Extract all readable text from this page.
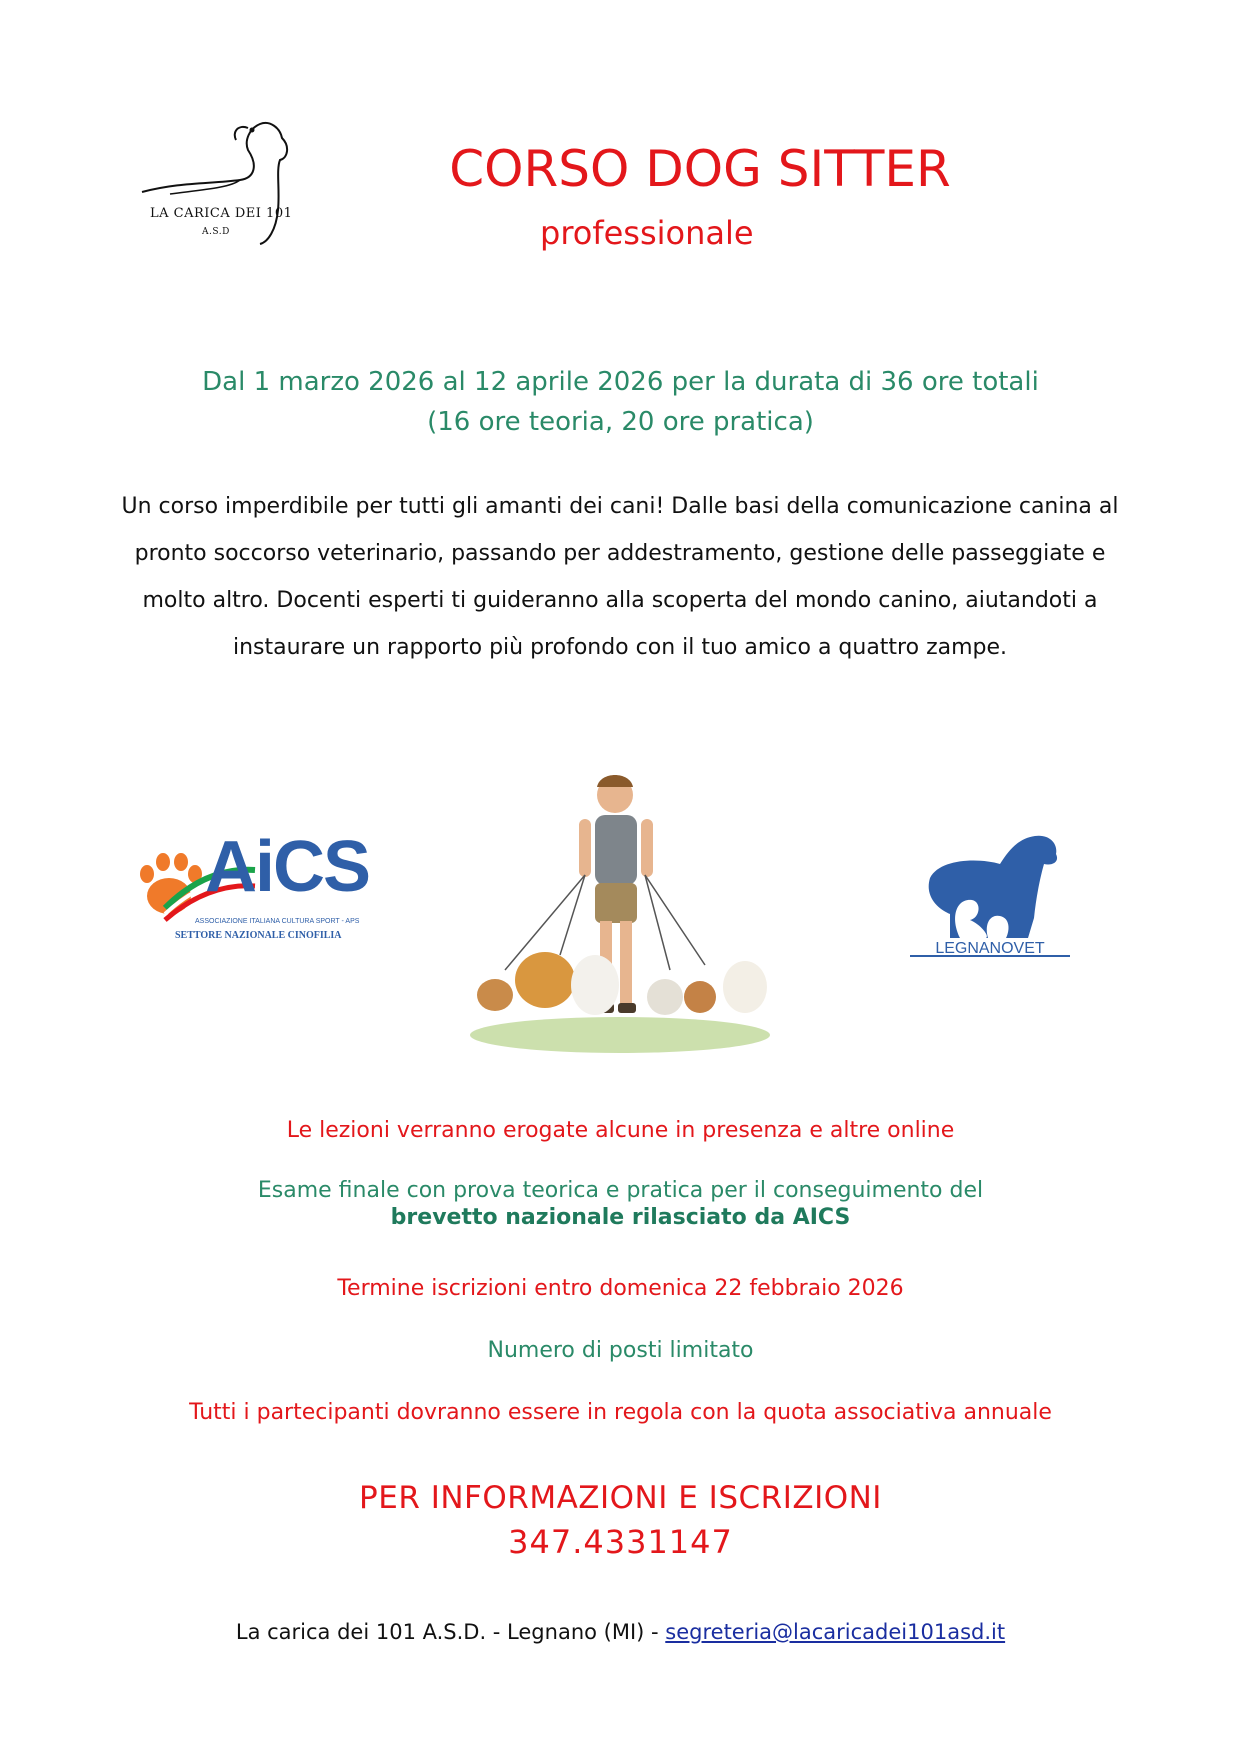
LA CARICA DEI 101
A.S.D
CORSO DOG SITTER
professionale
Dal 1 marzo 2026 al 12 aprile 2026 per la durata di 36 ore totali
(16 ore teoria, 20 ore pratica)
Un corso imperdibile per tutti gli amanti dei cani! Dalle basi della comunicazione canina al pronto soccorso veterinario, passando per addestramento, gestione delle passeggiate e molto altro. Docenti esperti ti guideranno alla scoperta del mondo canino, aiutandoti a instaurare un rapporto più profondo con il tuo amico a quattro zampe.
AiCS
ASSOCIAZIONE ITALIANA CULTURA SPORT - APS
SETTORE NAZIONALE CINOFILIA
LEGNANOVET
Le lezioni verranno erogate alcune in presenza e altre online
Esame finale con prova teorica e pratica per il conseguimento del
brevetto nazionale rilasciato da AICS
Termine iscrizioni entro domenica 22 febbraio 2026
Numero di posti limitato
Tutti i partecipanti dovranno essere in regola con la quota associativa annuale
PER INFORMAZIONI E ISCRIZIONI
347.4331147
La carica dei 101 A.S.D. - Legnano (MI) - segreteria@lacaricadei101asd.it
